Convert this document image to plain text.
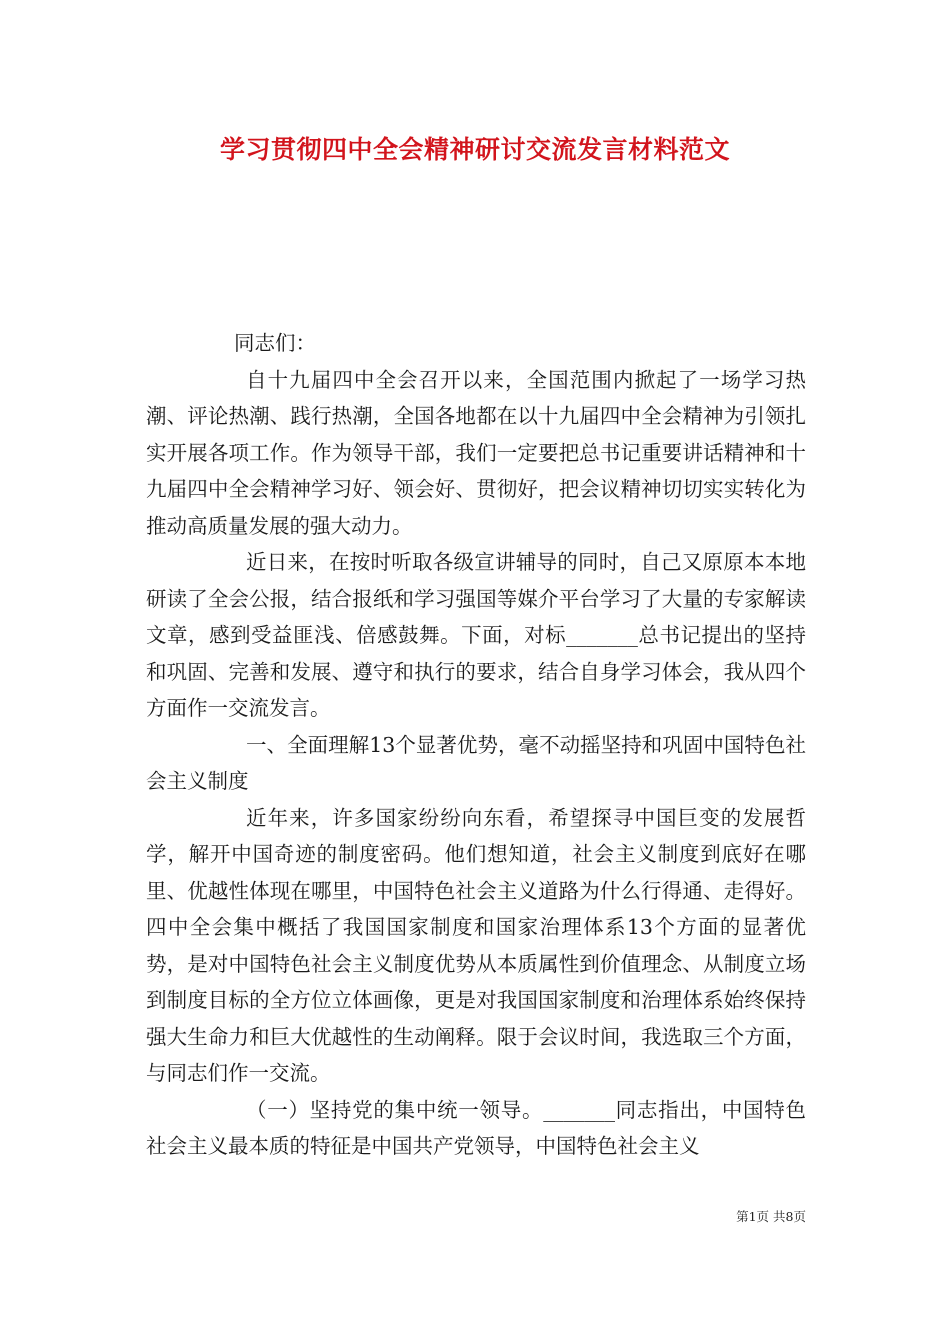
学习贯彻四中全会精神研讨交流发言材料范文

同志们：

自十九届四中全会召开以来，全国范围内掀起了一场学习热潮、评论热潮、践行热潮，全国各地都在以十九届四中全会精神为引领扎实开展各项工作。作为领导干部，我们一定要把总书记重要讲话精神和十九届四中全会精神学习好、领会好、贯彻好，把会议精神切切实实转化为推动高质量发展的强大动力。

近日来，在按时听取各级宣讲辅导的同时，自己又原原本本地研读了全会公报，结合报纸和学习强国等媒介平台学习了大量的专家解读文章，感到受益匪浅、倍感鼓舞。下面，对标_______总书记提出的坚持和巩固、完善和发展、遵守和执行的要求，结合自身学习体会，我从四个方面作一交流发言。

一、全面理解13个显著优势，毫不动摇坚持和巩固中国特色社会主义制度

近年来，许多国家纷纷向东看，希望探寻中国巨变的发展哲学，解开中国奇迹的制度密码。他们想知道，社会主义制度到底好在哪里、优越性体现在哪里，中国特色社会主义道路为什么行得通、走得好。四中全会集中概括了我国国家制度和国家治理体系13个方面的显著优势，是对中国特色社会主义制度优势从本质属性到价值理念、从制度立场到制度目标的全方位立体画像，更是对我国国家制度和治理体系始终保持强大生命力和巨大优越性的生动阐释。限于会议时间，我选取三个方面，与同志们作一交流。

（一）坚持党的集中统一领导。_______同志指出，中国特色社会主义最本质的特征是中国共产党领导，中国特色社会主义

第1页 共8页
